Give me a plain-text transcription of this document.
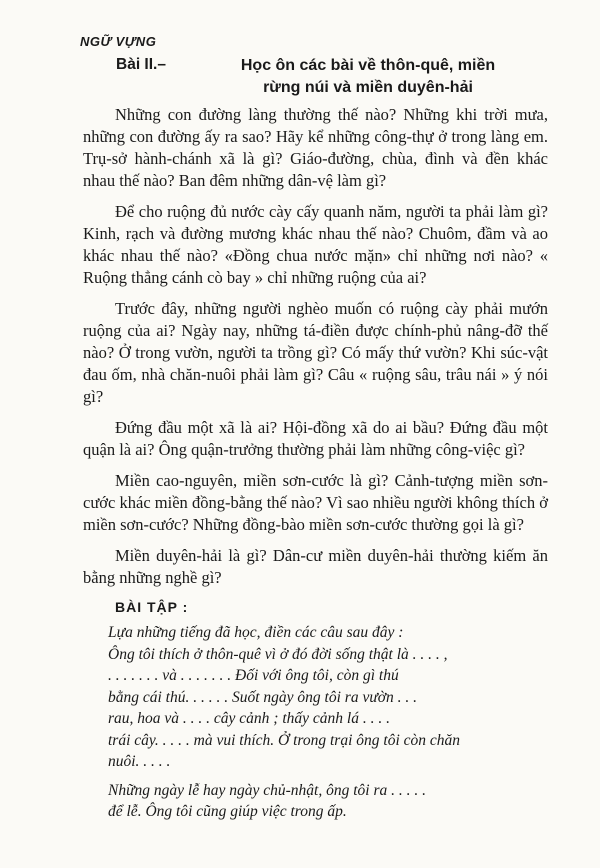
NGỮ VỰNG
Bài II.–	Học ôn các bài về thôn-quê, miền
rừng núi và miền duyên-hải

Những con đường làng thường thế nào? Những khi trời mưa, những con đường ấy ra sao? Hãy kể những công-thự ở trong làng em. Trụ-sở hành-chánh xã là gì? Giáo-đường, chùa, đình và đền khác nhau thế nào? Ban đêm những dân-vệ làm gì?

Để cho ruộng đủ nước cày cấy quanh năm, người ta phải làm gì? Kinh, rạch và đường mương khác nhau thế nào? Chuôm, đầm và ao khác nhau thế nào? «Đồng chua nước mặn» chỉ những nơi nào? « Ruộng thẳng cánh cò bay » chỉ những ruộng của ai?

Trước đây, những người nghèo muốn có ruộng cày phải mướn ruộng của ai? Ngày nay, những tá-điền được chính-phủ nâng-đỡ thế nào? Ở trong vườn, người ta trồng gì? Có mấy thứ vườn? Khi súc-vật đau ốm, nhà chăn-nuôi phải làm gì? Câu « ruộng sâu, trâu nái » ý nói gì?

Đứng đầu một xã là ai? Hội-đồng xã do ai bầu? Đứng đầu một quận là ai? Ông quận-trưởng thường phải làm những công-việc gì?

Miền cao-nguyên, miền sơn-cước là gì? Cảnh-tượng miền sơn-cước khác miền đồng-bằng thế nào? Vì sao nhiều người không thích ở miền sơn-cước? Những đồng-bào miền sơn-cước thường gọi là gì?

Miền duyên-hải là gì? Dân-cư miền duyên-hải thường kiếm ăn bằng những nghề gì?

BÀI TẬP :
Lựa những tiếng đã học, điền các câu sau đây :
Ông tôi thích ở thôn-quê vì ở đó đời sống thật là . . . . ,
. . . . . . . và . . . . . . . Đối với ông tôi, còn gì thú
bằng cái thú. . . . . . Suốt ngày ông tôi ra vườn . . .
rau, hoa và . . . . cây cảnh ; thấy cảnh lá . . . .
trái cây. . . . . mà vui thích. Ở trong trại ông tôi còn chăn
nuôi. . . . .
Những ngày lễ hay ngày chủ-nhật, ông tôi ra . . . . .
để lễ. Ông tôi cũng giúp việc trong ấp.
